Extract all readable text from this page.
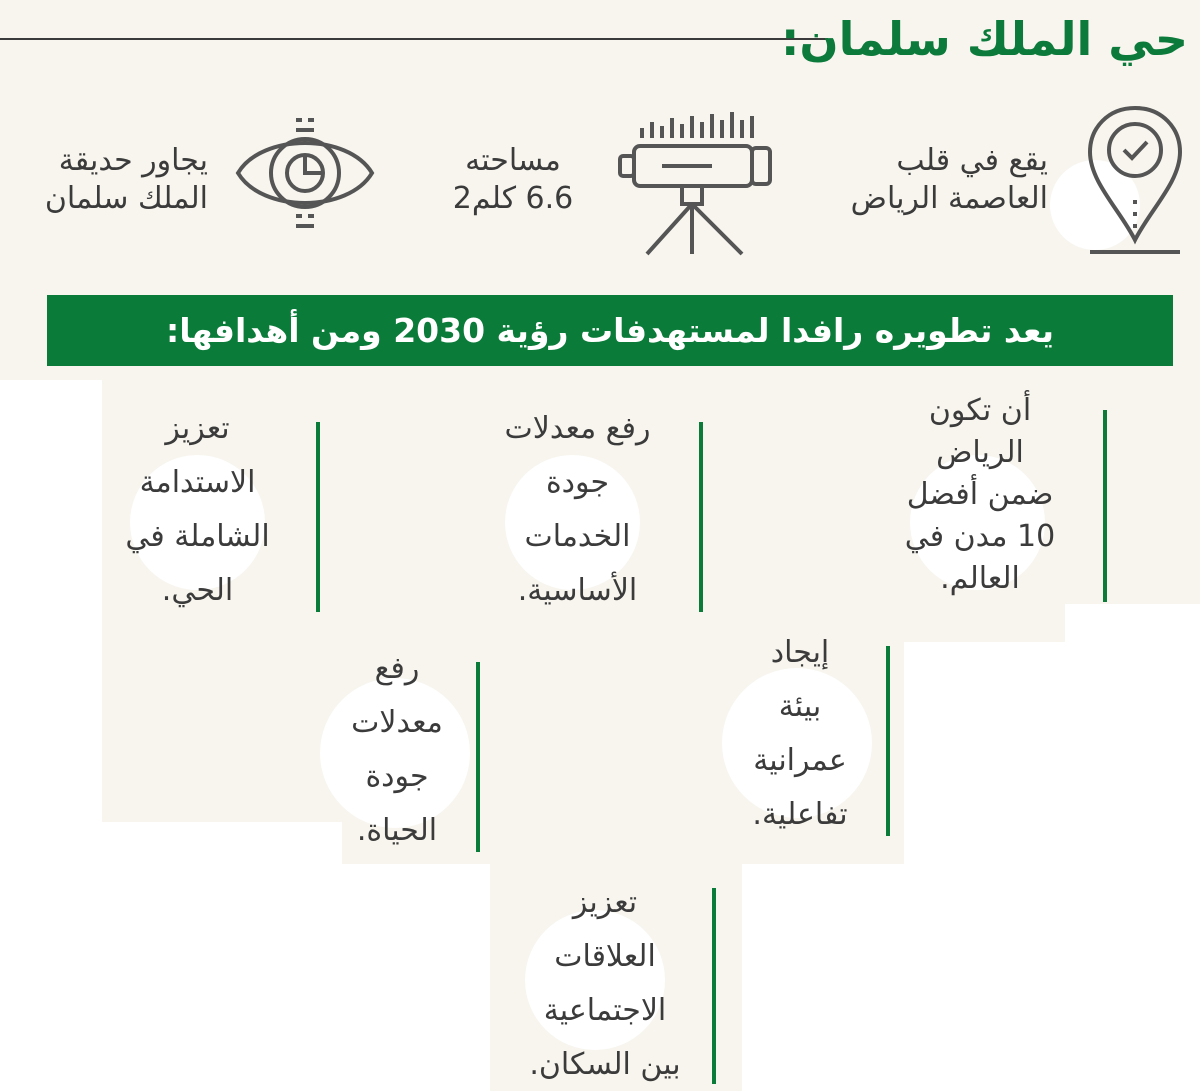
حي الملك سلمان:
يقع في قلب
العاصمة الرياض
مساحته
6.6 كلم2
يجاور حديقة
الملك سلمان
يعد تطويره رافدا لمستهدفات رؤية 2030 ومن أهدافها:
أن تكون
الرياض
ضمن أفضل
10 مدن في
العالم.
رفع معدلات
جودة
الخدمات
الأساسية.
تعزيز
الاستدامة
الشاملة في
الحي.
إيجاد
بيئة
عمرانية
تفاعلية.
رفع
معدلات
جودة
الحياة.
تعزيز
العلاقات
الاجتماعية
بين السكان.
